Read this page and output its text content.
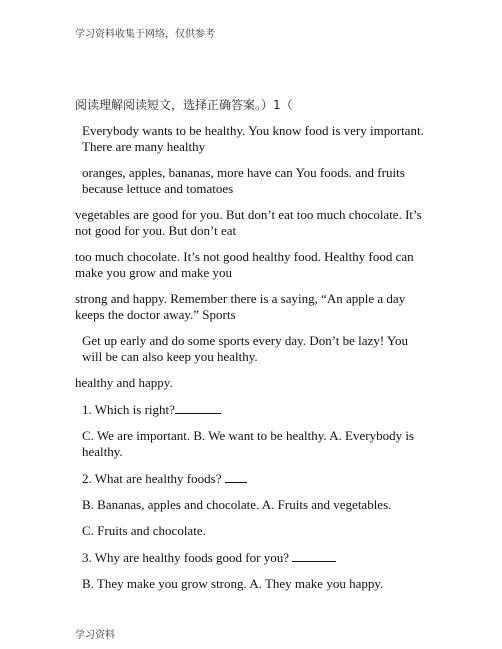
学习资料收集于网络，仅供参考
阅读理解阅读短文，选择正确答案。）1（
Everybody wants to be healthy. You know food is very important. There are many healthy
oranges, apples, bananas, more have can You foods. and fruits because lettuce and tomatoes
vegetables are good for you. But don’t eat too much chocolate. It’s not good for you. But don’t eat
too much chocolate. It’s not good healthy food. Healthy food can make you grow and make you
strong and happy. Remember there is a saying, “An apple a day keeps the doctor away.” Sports
Get up early and do some sports every day. Don’t be lazy! You will be can also keep you healthy.
healthy and happy.
1. Which is right?
C. We are important. B. We want to be healthy. A. Everybody is healthy.
2. What are healthy foods?
B. Bananas, apples and chocolate. A. Fruits and vegetables.
C. Fruits and chocolate.
3. Why are healthy foods good for you?
B. They make you grow strong. A. They make you happy.
学习资料
